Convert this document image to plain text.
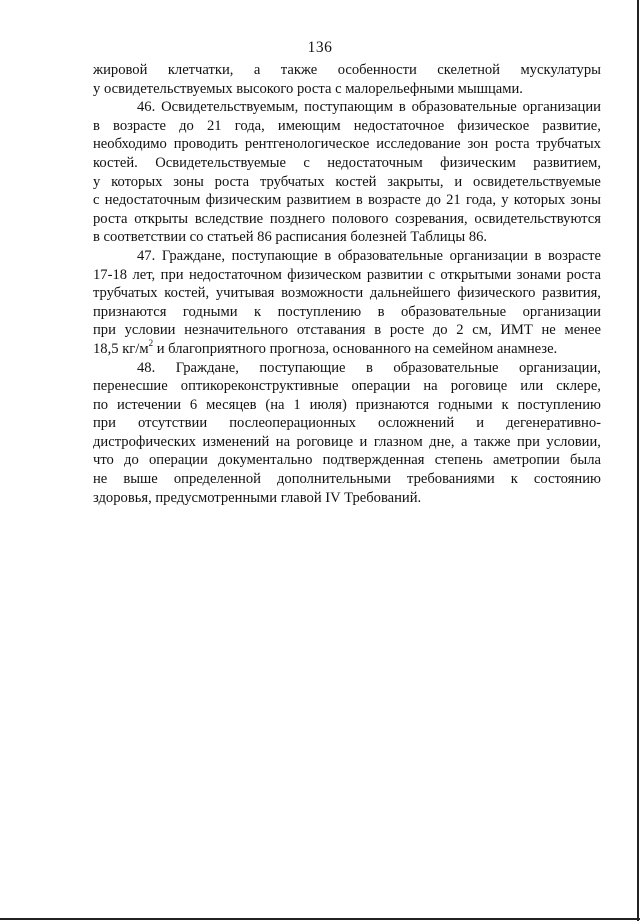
136
жировой клетчатки, а также особенности скелетной мускулатуры
у освидетельствуемых высокого роста с малорельефными мышцами.
46. Освидетельствуемым, поступающим в образовательные организации
в возрасте до 21 года, имеющим недостаточное физическое развитие,
необходимо проводить рентгенологическое исследование зон роста трубчатых
костей. Освидетельствуемые с недостаточным физическим развитием,
у которых зоны роста трубчатых костей закрыты, и освидетельствуемые
с недостаточным физическим развитием в возрасте до 21 года, у которых зоны
роста открыты вследствие позднего полового созревания, освидетельствуются
в соответствии со статьей 86 расписания болезней Таблицы 86.
47. Граждане, поступающие в образовательные организации в возрасте
17-18 лет, при недостаточном физическом развитии с открытыми зонами роста
трубчатых костей, учитывая возможности дальнейшего физического развития,
признаются годными к поступлению в образовательные организации
при условии незначительного отставания в росте до 2 см, ИМТ не менее
18,5 $кг/м^2$ и благоприятного прогноза, основанного на семейном анамнезе.
48. Граждане, поступающие в образовательные организации,
перенесшие оптикореконструктивные операции на роговице или склере,
по истечении 6 месяцев (на 1 июля) признаются годными к поступлению
при отсутствии послеоперационных осложнений и дегенеративно-
дистрофических изменений на роговице и глазном дне, а также при условии,
что до операции документально подтвержденная степень аметропии была
не выше определенной дополнительными требованиями к состоянию
здоровья, предусмотренными главой IV Требований.
